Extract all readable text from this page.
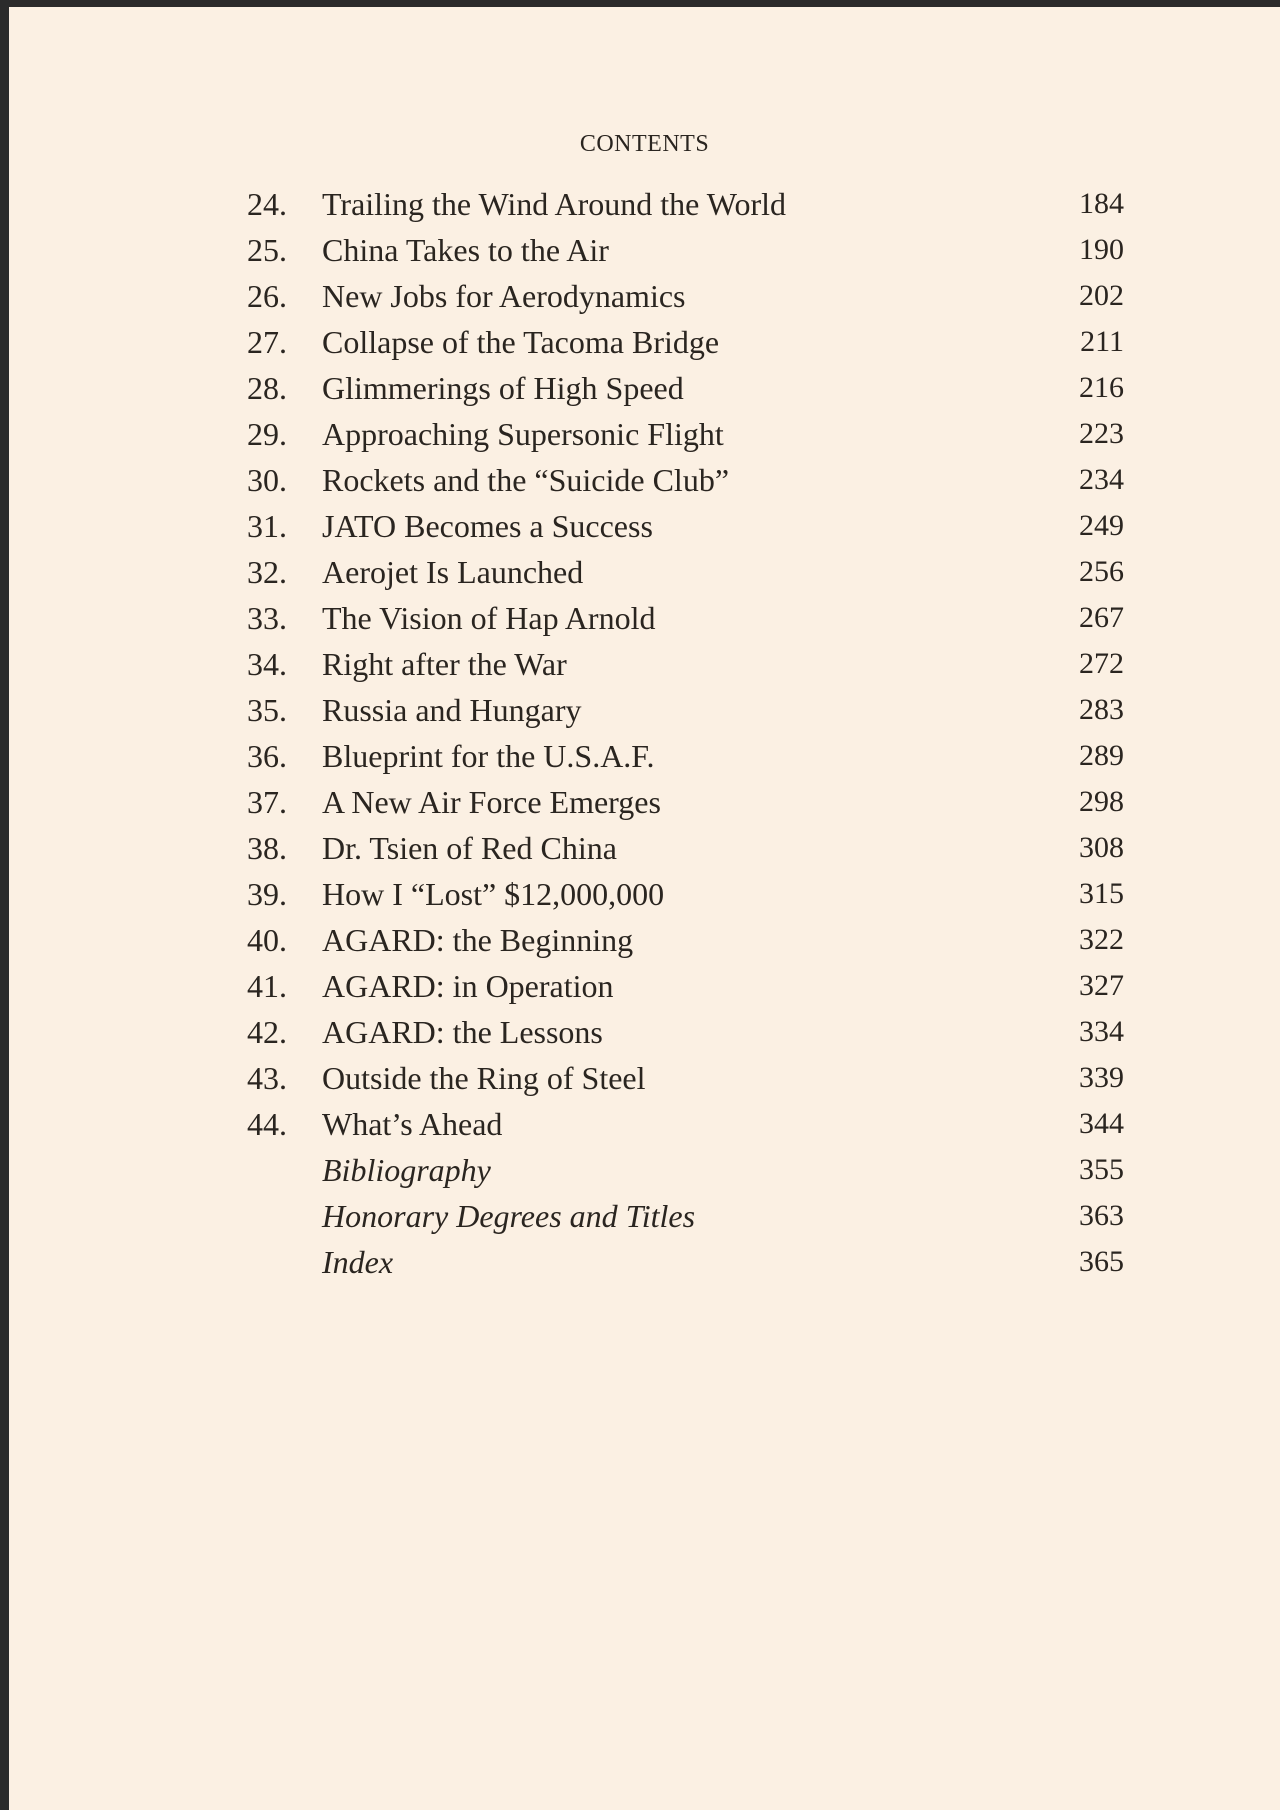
CONTENTS
24.	Trailing the Wind Around the World	184
25.	China Takes to the Air	190
26.	New Jobs for Aerodynamics	202
27.	Collapse of the Tacoma Bridge	211
28.	Glimmerings of High Speed	216
29.	Approaching Supersonic Flight	223
30.	Rockets and the “Suicide Club”	234
31.	JATO Becomes a Success	249
32.	Aerojet Is Launched	256
33.	The Vision of Hap Arnold	267
34.	Right after the War	272
35.	Russia and Hungary	283
36.	Blueprint for the U.S.A.F.	289
37.	A New Air Force Emerges	298
38.	Dr. Tsien of Red China	308
39.	How I “Lost” $12,000,000	315
40.	AGARD: the Beginning	322
41.	AGARD: in Operation	327
42.	AGARD: the Lessons	334
43.	Outside the Ring of Steel	339
44.	What’s Ahead	344
Bibliography	355
Honorary Degrees and Titles	363
Index	365
